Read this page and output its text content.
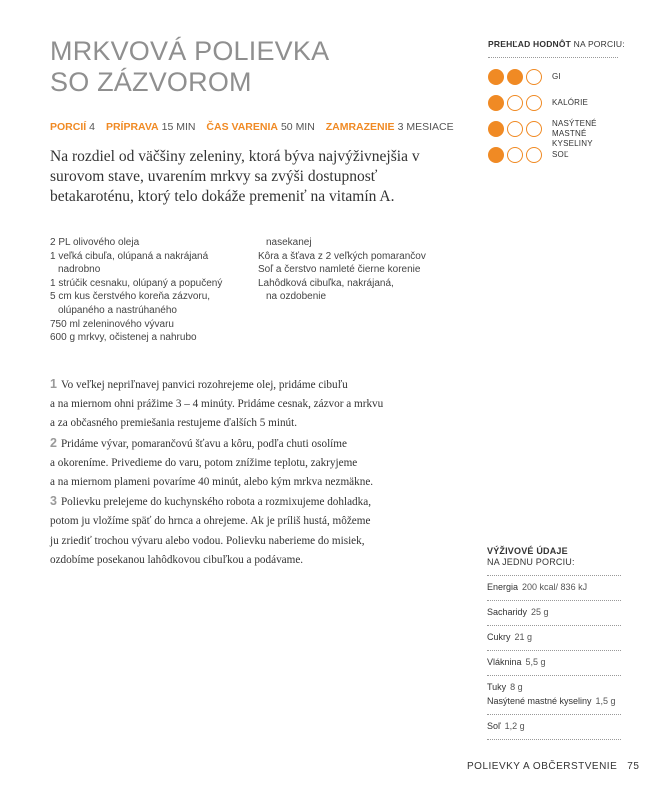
MRKVOVÁ POLIEVKA
SO ZÁZVOROM
PORCIÍ 4 PRÍPRAVA 15 MIN ČAS VARENIA 50 MIN ZAMRAZENIE 3 MESIACE

Na rozdiel od väčšiny zeleniny, ktorá býva najvýživnejšia v surovom stave, uvarením mrkvy sa zvýši dostupnosť betakaroténu, ktorý telo dokáže premeniť na vitamín A.

2 PL olivového oleja
1 veľká cibuľa, olúpaná a nakrájaná
nadrobno
1 strúčik cesnaku, olúpaný a popučený
5 cm kus čerstvého koreňa zázvoru,
olúpaného a nastrúhaného
750 ml zeleninového vývaru
600 g mrkvy, očistenej a nahrubo
nasekanej
Kôra a šťava z 2 veľkých pomarančov
Soľ a čerstvo namleté čierne korenie
Lahôdková cibuľka, nakrájaná,
na ozdobenie
1 Vo veľkej nepriľnavej panvici rozohrejeme olej, pridáme cibuľu
a na miernom ohni prážime 3 – 4 minúty. Pridáme cesnak, zázvor a mrkvu
a za občasného premiešania restujeme ďalších 5 minút.
2 Pridáme vývar, pomarančovú šťavu a kôru, podľa chuti osolíme
a okoreníme. Privedieme do varu, potom znížime teplotu, zakryjeme
a na miernom plameni povaríme 40 minút, alebo kým mrkva nezmäkne.
3 Polievku prelejeme do kuchynského robota a rozmixujeme dohladka,
potom ju vložíme späť do hrnca a ohrejeme. Ak je príliš hustá, môžeme
ju zriediť trochou vývaru alebo vodou. Polievku naberieme do misiek,
ozdobíme posekanou lahôdkovou cibuľkou a podávame.
PREHĽAD HODNÔT NA PORCIU:
GI
KALÓRIE
NASÝTENÉ MASTNÉ KYSELINY
SOĽ
VÝŽIVOVÉ ÚDAJE
NA JEDNU PORCIU:
Energia 200 kcal/ 836 kJ
Sacharidy 25 g
Cukry 21 g
Vláknina 5,5 g
Tuky 8 g
Nasýtené mastné kyseliny 1,5 g
Soľ 1,2 g
POLIEVKY A OBČERSTVENIE 75
